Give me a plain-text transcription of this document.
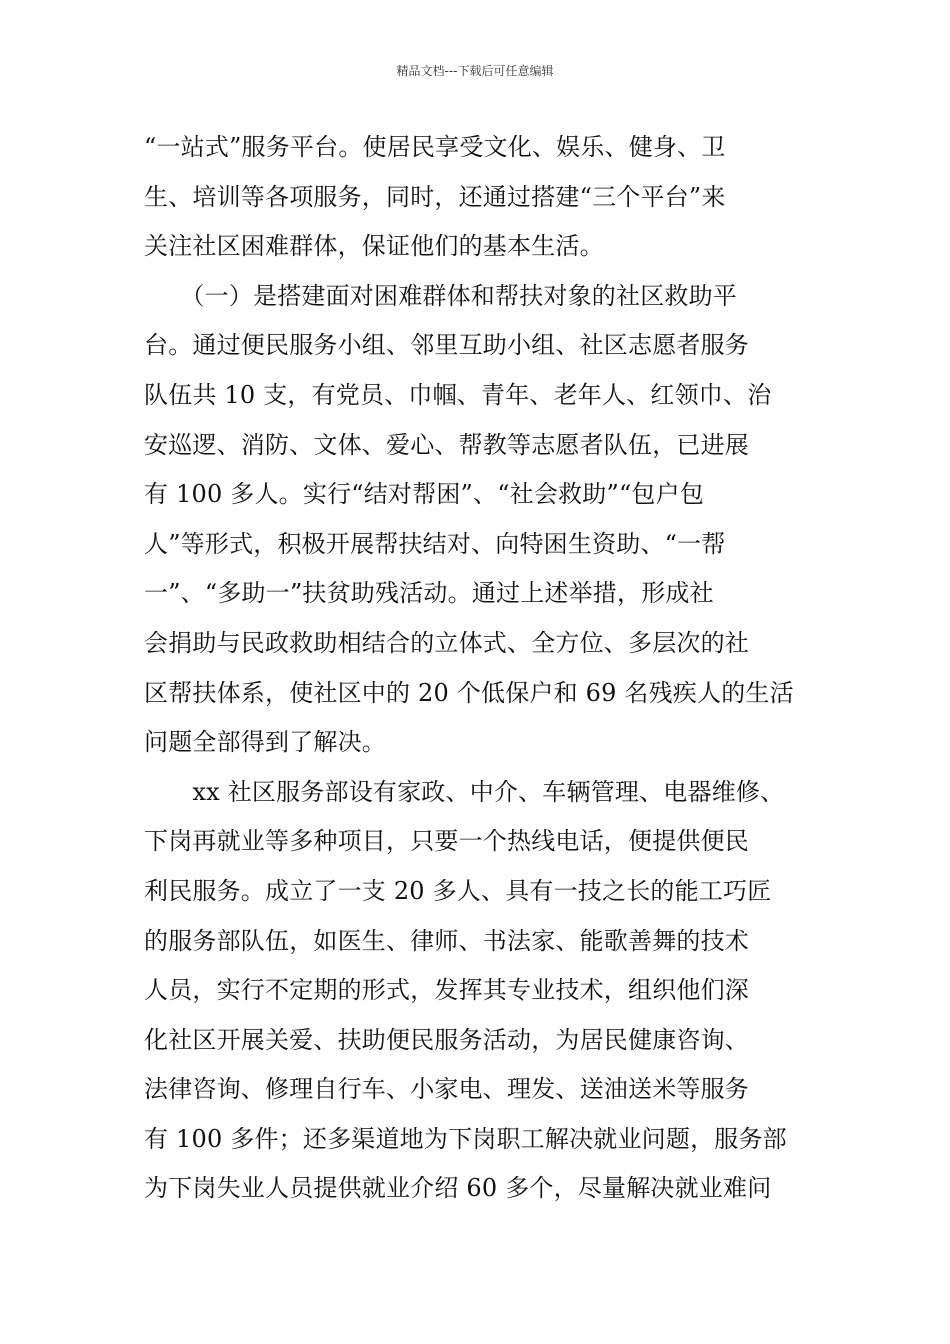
精品文档---下载后可任意编辑
“一站式”服务平台。使居民享受文化、娱乐、健身、卫
生、培训等各项服务，同时，还通过搭建“三个平台”来
关注社区困难群体，保证他们的基本生活。
　　（一）是搭建面对困难群体和帮扶对象的社区救助平
台。通过便民服务小组、邻里互助小组、社区志愿者服务
队伍共 10 支，有党员、巾帼、青年、老年人、红领巾、治
安巡逻、消防、文体、爱心、帮教等志愿者队伍，已进展
有 100 多人。实行“结对帮困”、“社会救助”“包户包
人”等形式，积极开展帮扶结对、向特困生资助、“一帮
一”、“多助一”扶贫助残活动。通过上述举措，形成社
会捐助与民政救助相结合的立体式、全方位、多层次的社
区帮扶体系，使社区中的 20 个低保户和 69 名残疾人的生活
问题全部得到了解决。
　　xx 社区服务部设有家政、中介、车辆管理、电器维修、
下岗再就业等多种项目，只要一个热线电话，便提供便民
利民服务。成立了一支 20 多人、具有一技之长的能工巧匠
的服务部队伍，如医生、律师、书法家、能歌善舞的技术
人员，实行不定期的形式，发挥其专业技术，组织他们深
化社区开展关爱、扶助便民服务活动，为居民健康咨询、
法律咨询、修理自行车、小家电、理发、送油送米等服务
有 100 多件；还多渠道地为下岗职工解决就业问题，服务部
为下岗失业人员提供就业介绍 60 多个，尽量解决就业难问
